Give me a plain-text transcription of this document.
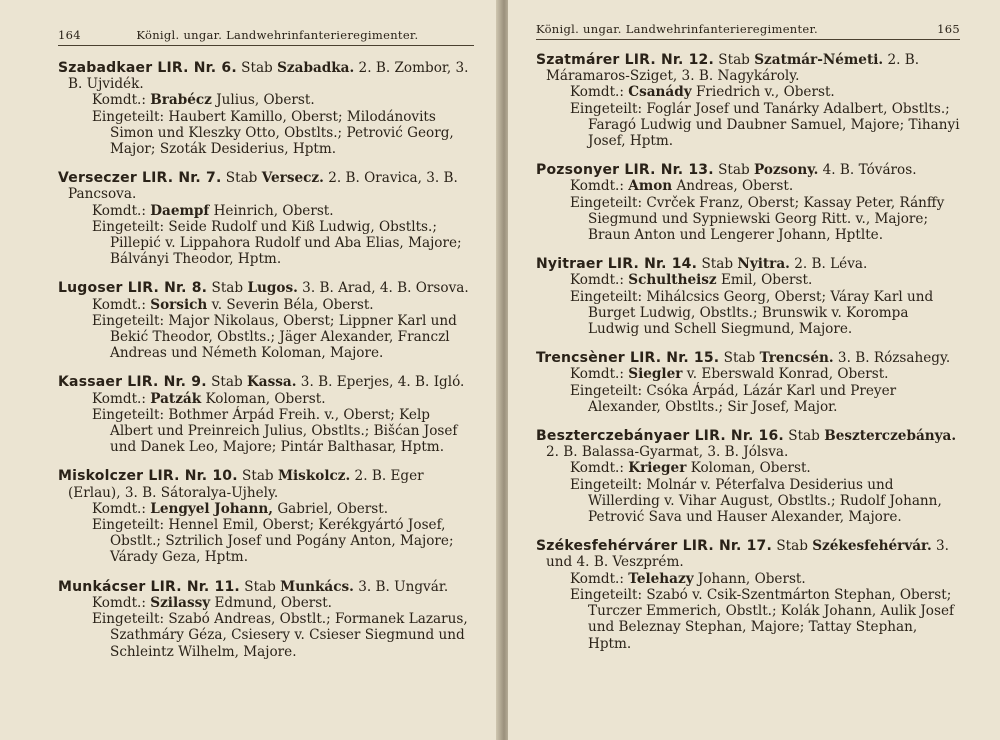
164	Königl. ungar. Landwehrinfanterieregimenter.
Szabadkaer LIR. Nr. 6. Stab Szabadka. 2. B. Zombor, 3. B. Ujvidék.
Komdt.: Brabécz Julius, Oberst.
Eingeteilt: Haubert Kamillo, Oberst; Milodánovits Simon und Kleszky Otto, Obstlts.; Petrović Georg, Major; Szoták Desiderius, Hptm.
Verseczer LIR. Nr. 7. Stab Versecz. 2. B. Oravica, 3. B. Pancsova.
Komdt.: Daempf Heinrich, Oberst.
Eingeteilt: Seide Rudolf und Kiß Ludwig, Obstlts.; Pillepić v. Lippahora Rudolf und Aba Elias, Majore; Bálványi Theodor, Hptm.
Lugoser LIR. Nr. 8. Stab Lugos. 3. B. Arad, 4. B. Orsova.
Komdt.: Sorsich v. Severin Béla, Oberst.
Eingeteilt: Major Nikolaus, Oberst; Lippner Karl und Bekić Theodor, Obstlts.; Jäger Alexander, Franczl Andreas und Németh Koloman, Majore.
Kassaer LIR. Nr. 9. Stab Kassa. 3. B. Eperjes, 4. B. Igló.
Komdt.: Patzák Koloman, Oberst.
Eingeteilt: Bothmer Árpád Freih. v., Oberst; Kelp Albert und Preinreich Julius, Obstlts.; Bišćan Josef und Danek Leo, Majore; Pintár Balthasar, Hptm.
Miskolczer LIR. Nr. 10. Stab Miskolcz. 2. B. Eger (Erlau), 3. B. Sátoralya-Ujhely.
Komdt.: Lengyel Johann, Gabriel, Oberst.
Eingeteilt: Hennel Emil, Oberst; Kerékgyártó Josef, Obstlt.; Sztrilich Josef und Pogány Anton, Majore; Várady Geza, Hptm.
Munkácser LIR. Nr. 11. Stab Munkács. 3. B. Ungvár.
Komdt.: Szilassy Edmund, Oberst.
Eingeteilt: Szabó Andreas, Obstlt.; Formanek Lazarus, Szathmáry Géza, Csiesery v. Csieser Siegmund und Schleintz Wilhelm, Majore.
Königl. ungar. Landwehrinfanterieregimenter.	165
Szatmárer LIR. Nr. 12. Stab Szatmár-Németi. 2. B. Máramaros-Sziget, 3. B. Nagykároly.
Komdt.: Csanády Friedrich v., Oberst.
Eingeteilt: Foglár Josef und Tanárky Adalbert, Obstlts.; Faragó Ludwig und Daubner Samuel, Majore; Tihanyi Josef, Hptm.
Pozsonyer LIR. Nr. 13. Stab Pozsony. 4. B. Tóváros.
Komdt.: Amon Andreas, Oberst.
Eingeteilt: Cvrček Franz, Oberst; Kassay Peter, Ránffy Siegmund und Sypniewski Georg Ritt. v., Majore; Braun Anton und Lengerer Johann, Hptlte.
Nyitraer LIR. Nr. 14. Stab Nyitra. 2. B. Léva.
Komdt.: Schultheisz Emil, Oberst.
Eingeteilt: Mihálcsics Georg, Oberst; Váray Karl und Burget Ludwig, Obstlts.; Brunswik v. Korompa Ludwig und Schell Siegmund, Majore.
Trencsèner LIR. Nr. 15. Stab Trencsén. 3. B. Rózsahegy.
Komdt.: Siegler v. Eberswald Konrad, Oberst.
Eingeteilt: Csóka Árpád, Lázár Karl und Preyer Alexander, Obstlts.; Sir Josef, Major.
Beszterczebányaer LIR. Nr. 16. Stab Beszterczebánya. 2. B. Balassa-Gyarmat, 3. B. Jólsva.
Komdt.: Krieger Koloman, Oberst.
Eingeteilt: Molnár v. Péterfalva Desiderius und Willerding v. Vihar August, Obstlts.; Rudolf Johann, Petrović Sava und Hauser Alexander, Majore.
Székesfehérvárer LIR. Nr. 17. Stab Székesfehérvár. 3. und 4. B. Veszprém.
Komdt.: Telehazy Johann, Oberst.
Eingeteilt: Szabó v. Csik-Szentmárton Stephan, Oberst; Turczer Emmerich, Obstlt.; Kolák Johann, Aulik Josef und Beleznay Stephan, Majore; Tattay Stephan, Hptm.
